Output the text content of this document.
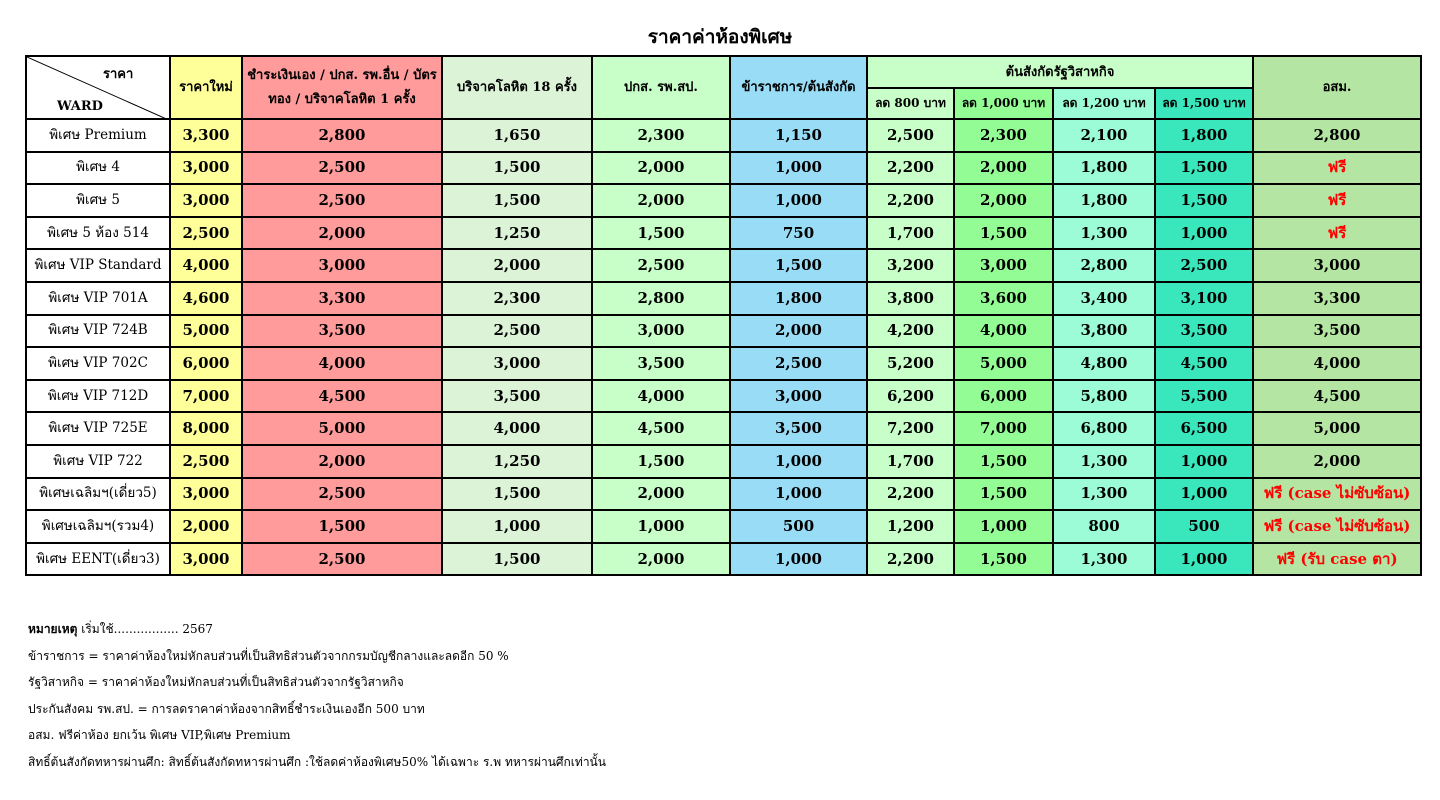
ราคาค่าห้องพิเศษ
ราคา
WARD	ราคาใหม่	ชำระเงินเอง / ปกส. รพ.อื่น / บัตรทอง / บริจาคโลหิต 1 ครั้ง	บริจาคโลหิต 18 ครั้ง	ปกส. รพ.สป.	ข้าราชการ/ต้นสังกัด	ต้นสังกัดรัฐวิสาหกิจ				อสม.
						ลด 800 บาท	ลด 1,000 บาท	ลด 1,200 บาท	ลด 1,500 บาท	
พิเศษ Premium	3,300	2,800	1,650	2,300	1,150	2,500	2,300	2,100	1,800	2,800
พิเศษ 4	3,000	2,500	1,500	2,000	1,000	2,200	2,000	1,800	1,500	ฟรี
พิเศษ 5	3,000	2,500	1,500	2,000	1,000	2,200	2,000	1,800	1,500	ฟรี
พิเศษ 5 ห้อง 514	2,500	2,000	1,250	1,500	750	1,700	1,500	1,300	1,000	ฟรี
พิเศษ VIP Standard	4,000	3,000	2,000	2,500	1,500	3,200	3,000	2,800	2,500	3,000
พิเศษ VIP 701A	4,600	3,300	2,300	2,800	1,800	3,800	3,600	3,400	3,100	3,300
พิเศษ VIP 724B	5,000	3,500	2,500	3,000	2,000	4,200	4,000	3,800	3,500	3,500
พิเศษ VIP 702C	6,000	4,000	3,000	3,500	2,500	5,200	5,000	4,800	4,500	4,000
พิเศษ VIP 712D	7,000	4,500	3,500	4,000	3,000	6,200	6,000	5,800	5,500	4,500
พิเศษ VIP 725E	8,000	5,000	4,000	4,500	3,500	7,200	7,000	6,800	6,500	5,000
พิเศษ VIP 722	2,500	2,000	1,250	1,500	1,000	1,700	1,500	1,300	1,000	2,000
พิเศษเฉลิมฯ(เดี่ยว5)	3,000	2,500	1,500	2,000	1,000	2,200	1,500	1,300	1,000	ฟรี (case ไม่ซับซ้อน)
พิเศษเฉลิมฯ(รวม4)	2,000	1,500	1,000	1,000	500	1,200	1,000	800	500	ฟรี (case ไม่ซับซ้อน)
พิเศษ EENT(เดี่ยว3)	3,000	2,500	1,500	2,000	1,000	2,200	1,500	1,300	1,000	ฟรี (รับ case ตา)
หมายเหตุ เริ่มใช้................. 2567
ข้าราชการ = ราคาค่าห้องใหม่หักลบส่วนที่เป็นสิทธิส่วนตัวจากกรมบัญชีกลางและลดอีก 50 %
รัฐวิสาหกิจ = ราคาค่าห้องใหม่หักลบส่วนที่เป็นสิทธิส่วนตัวจากรัฐวิสาหกิจ
ประกันสังคม รพ.สป. = การลดราคาค่าห้องจากสิทธิ์ชำระเงินเองอีก 500 บาท
อสม. ฟรีค่าห้อง ยกเว้น พิเศษ VIP,พิเศษ Premium
สิทธิ์ต้นสังกัดทหารผ่านศึก: สิทธิ์ต้นสังกัดทหารผ่านศึก :ใช้ลดค่าห้องพิเศษ50% ได้เฉพาะ ร.พ ทหารผ่านศึกเท่านั้น
